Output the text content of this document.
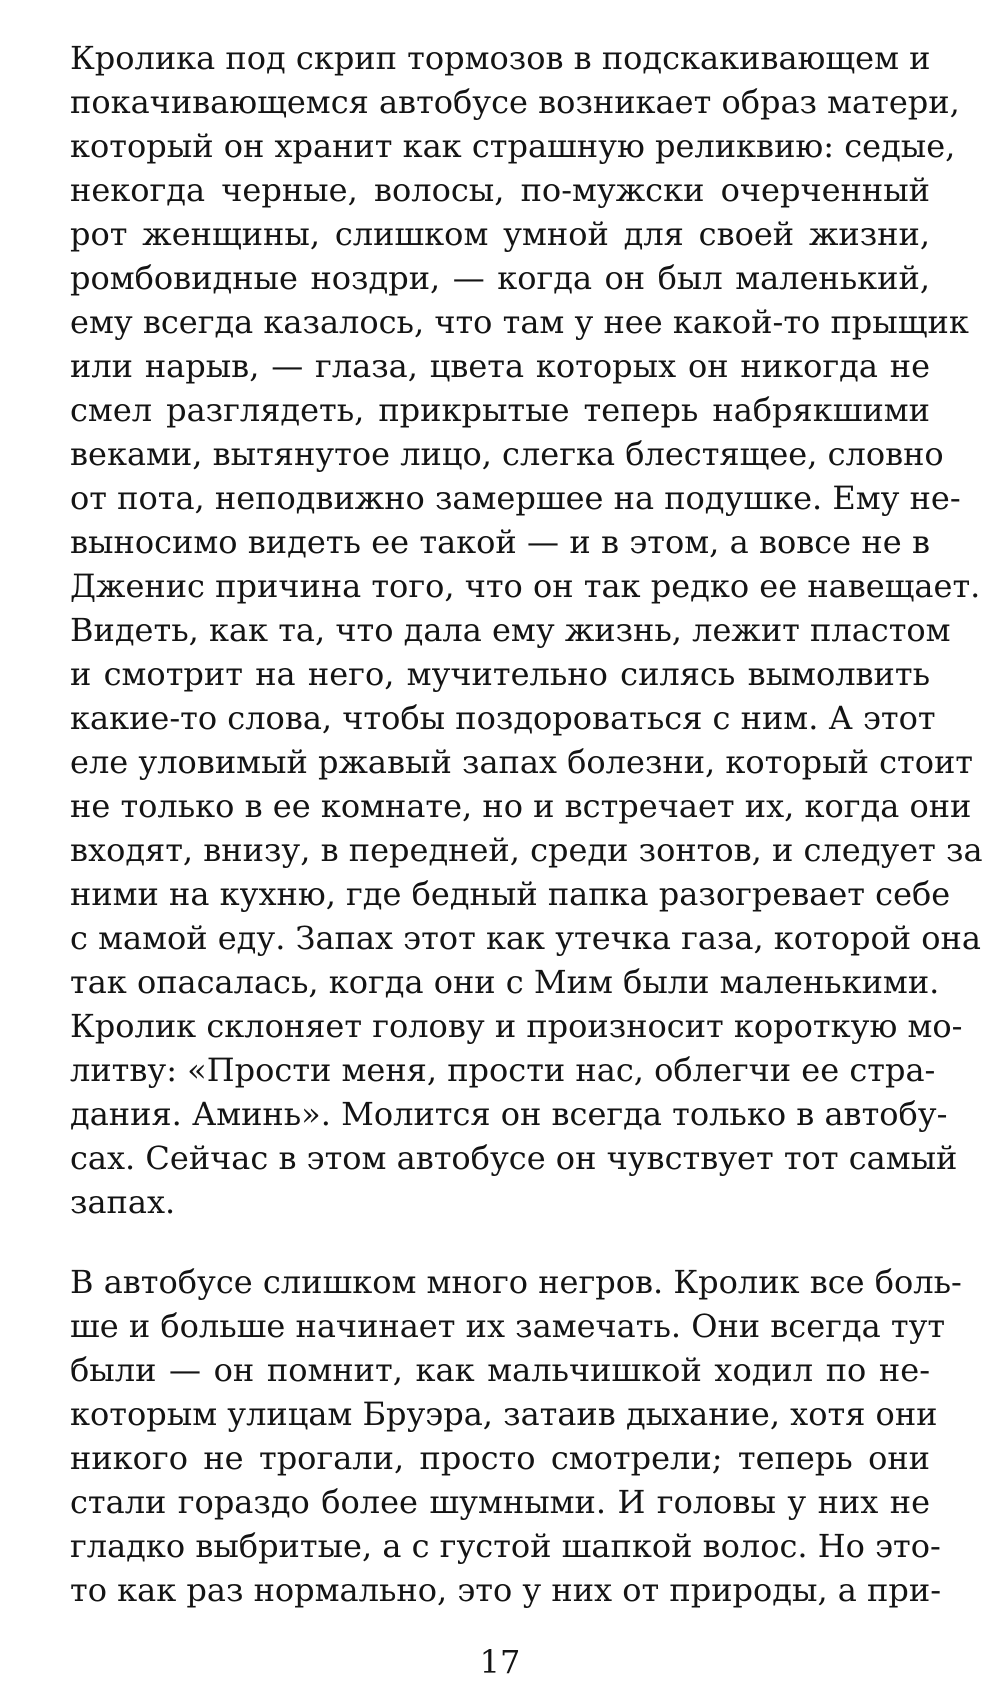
Кролика под скрип тормозов в подскакивающем и
покачивающемся автобусе возникает образ матери,
который он хранит как страшную реликвию: седые,
некогда черные, волосы, по-мужски очерченный
рот женщины, слишком умной для своей жизни,
ромбовидные ноздри, — когда он был маленький,
ему всегда казалось, что там у нее какой-то прыщик
или нарыв, — глаза, цвета которых он никогда не
смел разглядеть, прикрытые теперь набрякшими
веками, вытянутое лицо, слегка блестящее, словно
от пота, неподвижно замершее на подушке. Ему не-
выносимо видеть ее такой — и в этом, а вовсе не в
Дженис причина того, что он так редко ее навещает.
Видеть, как та, что дала ему жизнь, лежит пластом
и смотрит на него, мучительно силясь вымолвить
какие-то слова, чтобы поздороваться с ним. А этот
еле уловимый ржавый запах болезни, который стоит
не только в ее комнате, но и встречает их, когда они
входят, внизу, в передней, среди зонтов, и следует за
ними на кухню, где бедный папка разогревает себе
с мамой еду. Запах этот как утечка газа, которой она
так опасалась, когда они с Мим были маленькими.
Кролик склоняет голову и произносит короткую мо-
литву: «Прости меня, прости нас, облегчи ее стра-
дания. Аминь». Молится он всегда только в автобу-
сах. Сейчас в этом автобусе он чувствует тот самый
запах.
В автобусе слишком много негров. Кролик все боль-
ше и больше начинает их замечать. Они всегда тут
были — он помнит, как мальчишкой ходил по не-
которым улицам Бруэра, затаив дыхание, хотя они
никого не трогали, просто смотрели; теперь они
стали гораздо более шумными. И головы у них не
гладко выбритые, а с густой шапкой волос. Но это-
то как раз нормально, это у них от природы, а при-
17
